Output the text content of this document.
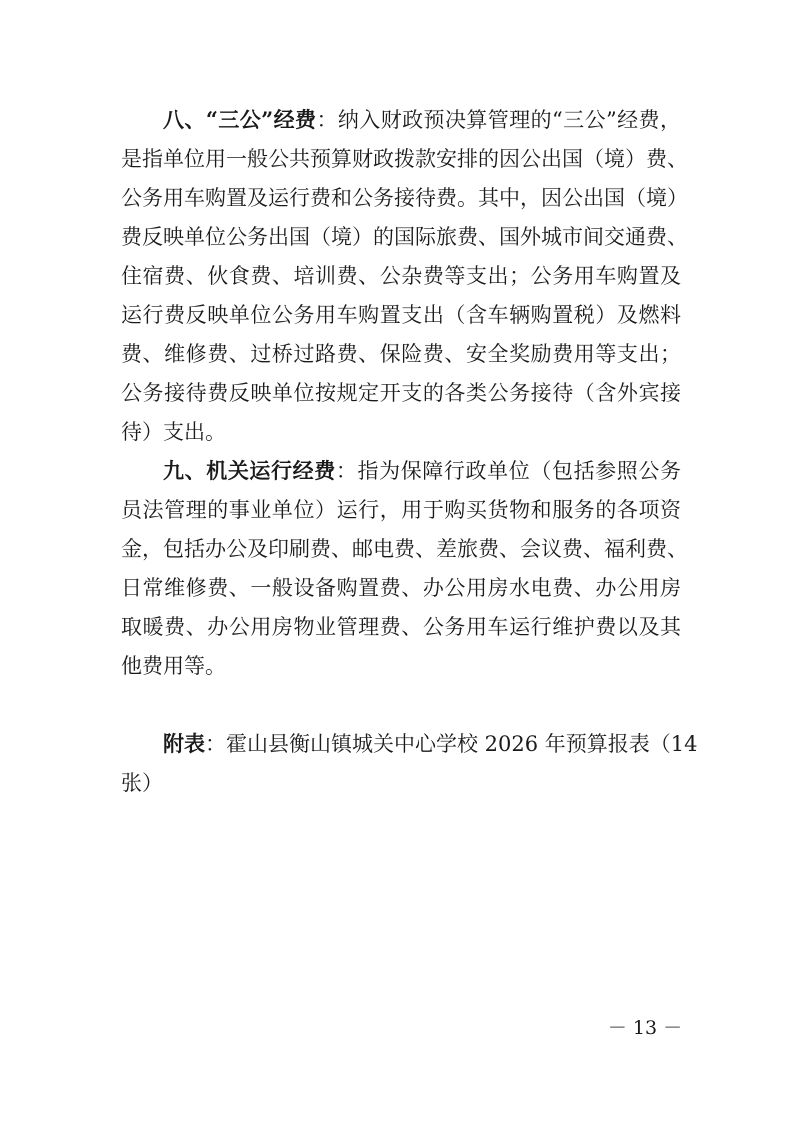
八、“三公”经费：纳入财政预决算管理的“三公”经费，
是指单位用一般公共预算财政拨款安排的因公出国（境）费、
公务用车购置及运行费和公务接待费。其中，因公出国（境）
费反映单位公务出国（境）的国际旅费、国外城市间交通费、
住宿费、伙食费、培训费、公杂费等支出；公务用车购置及
运行费反映单位公务用车购置支出（含车辆购置税）及燃料
费、维修费、过桥过路费、保险费、安全奖励费用等支出；
公务接待费反映单位按规定开支的各类公务接待（含外宾接
待）支出。
九、机关运行经费：指为保障行政单位（包括参照公务
员法管理的事业单位）运行，用于购买货物和服务的各项资
金，包括办公及印刷费、邮电费、差旅费、会议费、福利费、
日常维修费、一般设备购置费、办公用房水电费、办公用房
取暖费、办公用房物业管理费、公务用车运行维护费以及其
他费用等。
附表：霍山县衡山镇城关中心学校 2026 年预算报表（14
张）
－ 13 －
